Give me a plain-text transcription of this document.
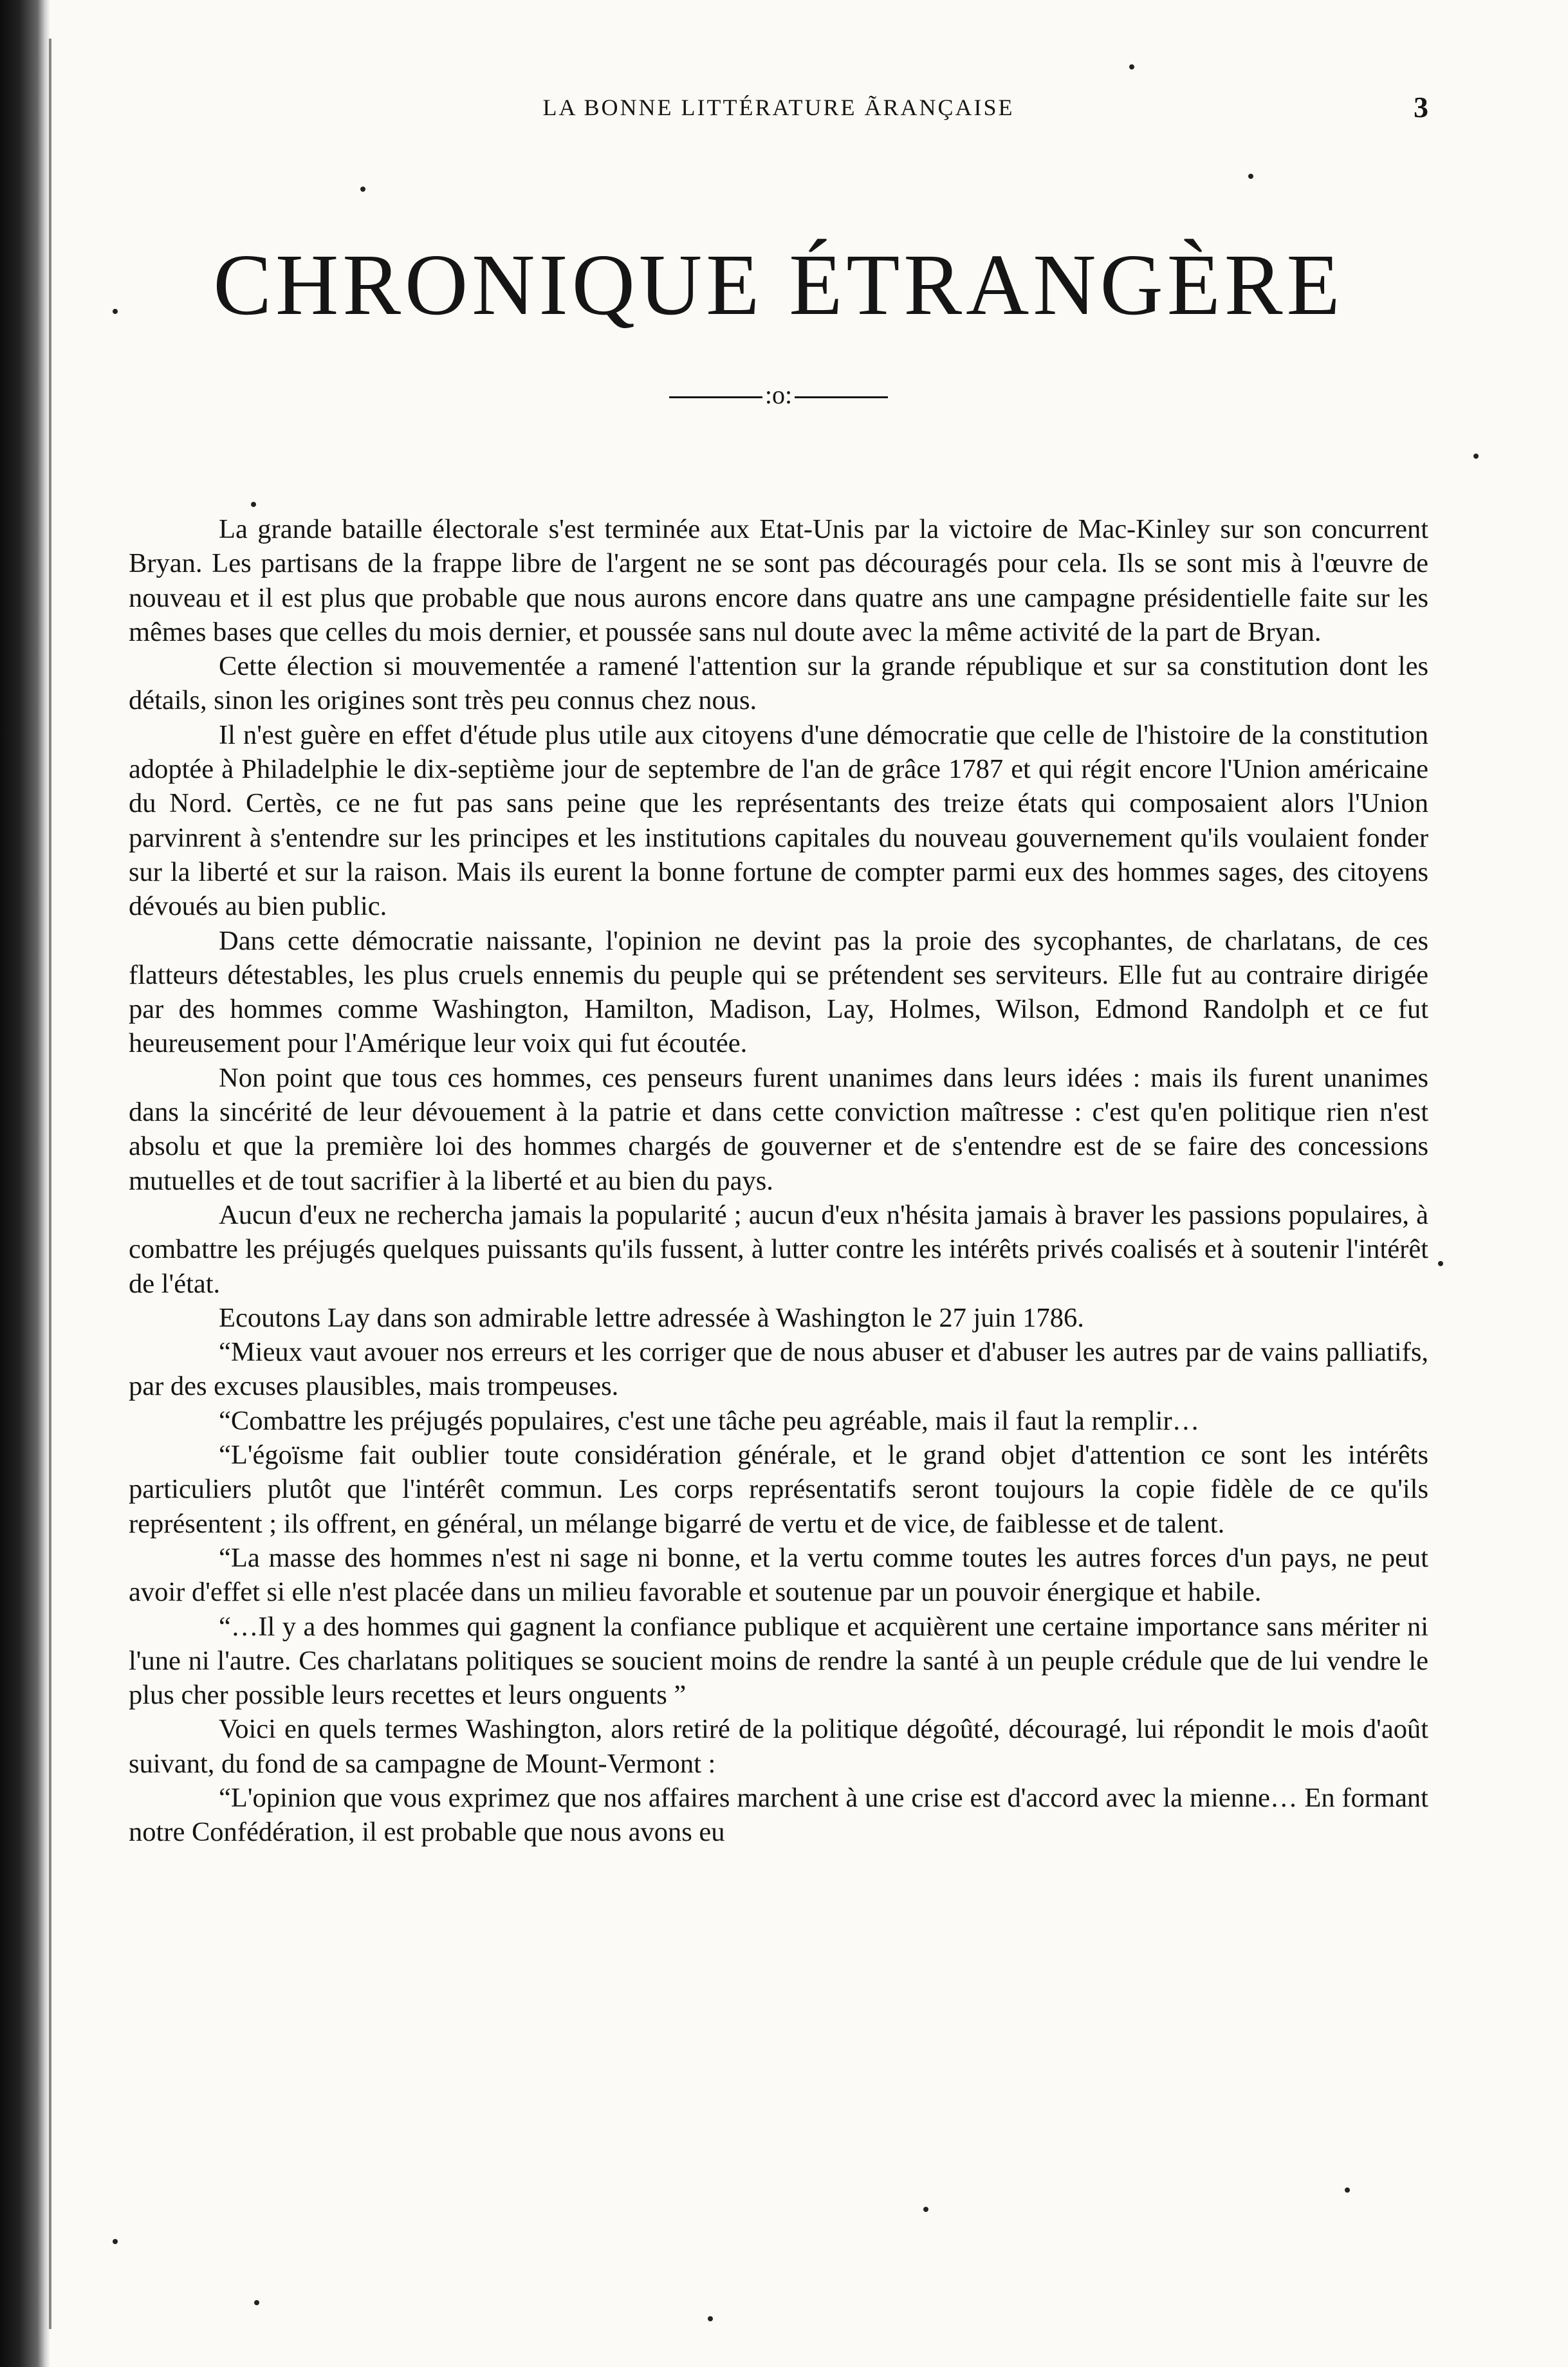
LA BONNE LITTÉRATURE ÃRANÇAISE	3
CHRONIQUE ÉTRANGÈRE
:o:

La grande bataille électorale s'est terminée aux Etat-Unis par la victoire de Mac-Kinley sur son concurrent Bryan. Les partisans de la frappe libre de l'argent ne se sont pas découragés pour cela. Ils se sont mis à l'œuvre de nouveau et il est plus que probable que nous aurons encore dans quatre ans une campagne présidentielle faite sur les mêmes bases que celles du mois dernier, et poussée sans nul doute avec la même activité de la part de Bryan.

Cette élection si mouvementée a ramené l'attention sur la grande république et sur sa constitution dont les détails, sinon les origines sont très peu connus chez nous.

Il n'est guère en effet d'étude plus utile aux citoyens d'une démocratie que celle de l'histoire de la constitution adoptée à Philadelphie le dix-septième jour de septembre de l'an de grâce 1787 et qui régit encore l'Union américaine du Nord. Certès, ce ne fut pas sans peine que les représentants des treize états qui composaient alors l'Union parvinrent à s'entendre sur les principes et les institutions capitales du nouveau gouvernement qu'ils voulaient fonder sur la liberté et sur la raison. Mais ils eurent la bonne fortune de compter parmi eux des hommes sages, des citoyens dévoués au bien public.

Dans cette démocratie naissante, l'opinion ne devint pas la proie des sycophantes, de charlatans, de ces flatteurs détestables, les plus cruels ennemis du peuple qui se prétendent ses serviteurs. Elle fut au contraire dirigée par des hommes comme Washington, Hamilton, Madison, Lay, Holmes, Wilson, Edmond Randolph et ce fut heureusement pour l'Amérique leur voix qui fut écoutée.

Non point que tous ces hommes, ces penseurs furent unanimes dans leurs idées : mais ils furent unanimes dans la sincérité de leur dévouement à la patrie et dans cette conviction maîtresse : c'est qu'en politique rien n'est absolu et que la première loi des hommes chargés de gouverner et de s'entendre est de se faire des concessions mutuelles et de tout sacrifier à la liberté et au bien du pays.

Aucun d'eux ne rechercha jamais la popularité ; aucun d'eux n'hésita jamais à braver les passions populaires, à combattre les préjugés quelques puissants qu'ils fussent, à lutter contre les intérêts privés coalisés et à soutenir l'intérêt de l'état.

Ecoutons Lay dans son admirable lettre adressée à Washington le 27 juin 1786.

“Mieux vaut avouer nos erreurs et les corriger que de nous abuser et d'abuser les autres par de vains palliatifs, par des excuses plausibles, mais trompeuses.

“Combattre les préjugés populaires, c'est une tâche peu agréable, mais il faut la remplir…

“L'égoïsme fait oublier toute considération générale, et le grand objet d'attention ce sont les intérêts particuliers plutôt que l'intérêt commun. Les corps représentatifs seront toujours la copie fidèle de ce qu'ils représentent ; ils offrent, en général, un mélange bigarré de vertu et de vice, de faiblesse et de talent.

“La masse des hommes n'est ni sage ni bonne, et la vertu comme toutes les autres forces d'un pays, ne peut avoir d'effet si elle n'est placée dans un milieu favorable et soutenue par un pouvoir énergique et habile.

“…Il y a des hommes qui gagnent la confiance publique et acquièrent une certaine importance sans mériter ni l'une ni l'autre. Ces charlatans politiques se soucient moins de rendre la santé à un peuple crédule que de lui vendre le plus cher possible leurs recettes et leurs onguents ”

Voici en quels termes Washington, alors retiré de la politique dégoûté, découragé, lui répondit le mois d'août suivant, du fond de sa campagne de Mount-Vermont :

“L'opinion que vous exprimez que nos affaires marchent à une crise est d'accord avec la mienne… En formant notre Confédération, il est probable que nous avons eu
